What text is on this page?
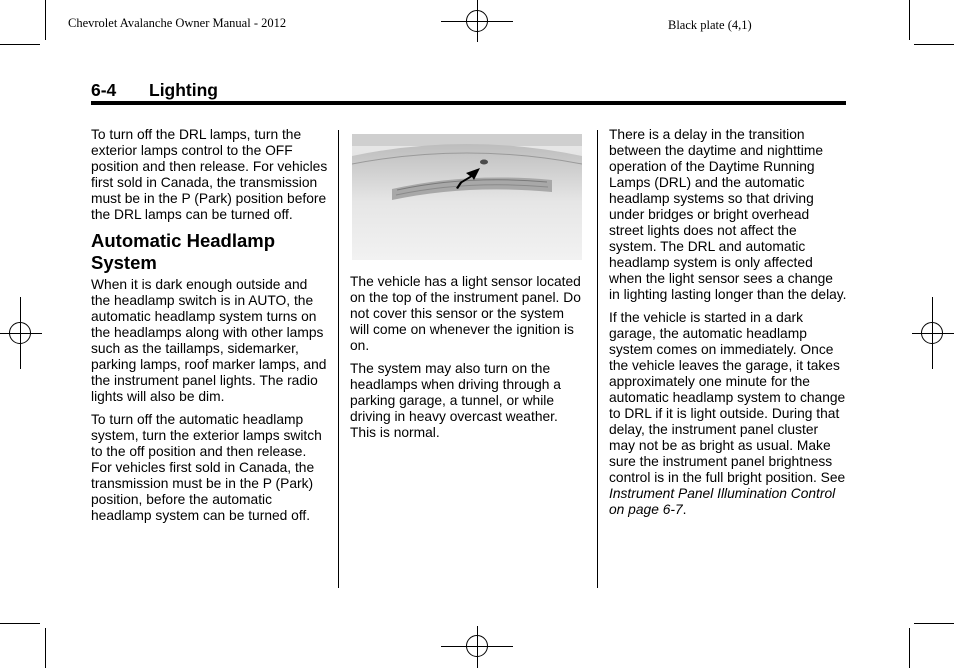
Chevrolet Avalanche Owner Manual - 2012	Black plate (4,1)
6-4 Lighting

To turn off the DRL lamps, turn the exterior lamps control to the OFF position and then release. For vehicles first sold in Canada, the transmission must be in the P (Park) position before the DRL lamps can be turned off.

Automatic Headlamp System

When it is dark enough outside and the headlamp switch is in AUTO, the automatic headlamp system turns on the headlamps along with other lamps such as the taillamps, sidemarker, parking lamps, roof marker lamps, and the instrument panel lights. The radio lights will also be dim.

To turn off the automatic headlamp system, turn the exterior lamps switch to the off position and then release. For vehicles first sold in Canada, the transmission must be in the P (Park) position, before the automatic headlamp system can be turned off.

The vehicle has a light sensor located on the top of the instrument panel. Do not cover this sensor or the system will come on whenever the ignition is on.

The system may also turn on the headlamps when driving through a parking garage, a tunnel, or while driving in heavy overcast weather. This is normal.

There is a delay in the transition between the daytime and nighttime operation of the Daytime Running Lamps (DRL) and the automatic headlamp systems so that driving under bridges or bright overhead street lights does not affect the system. The DRL and automatic headlamp system is only affected when the light sensor sees a change in lighting lasting longer than the delay.

If the vehicle is started in a dark garage, the automatic headlamp system comes on immediately. Once the vehicle leaves the garage, it takes approximately one minute for the automatic headlamp system to change to DRL if it is light outside. During that delay, the instrument panel cluster may not be as bright as usual. Make sure the instrument panel brightness control is in the full bright position. See Instrument Panel Illumination Control on page 6-7.
